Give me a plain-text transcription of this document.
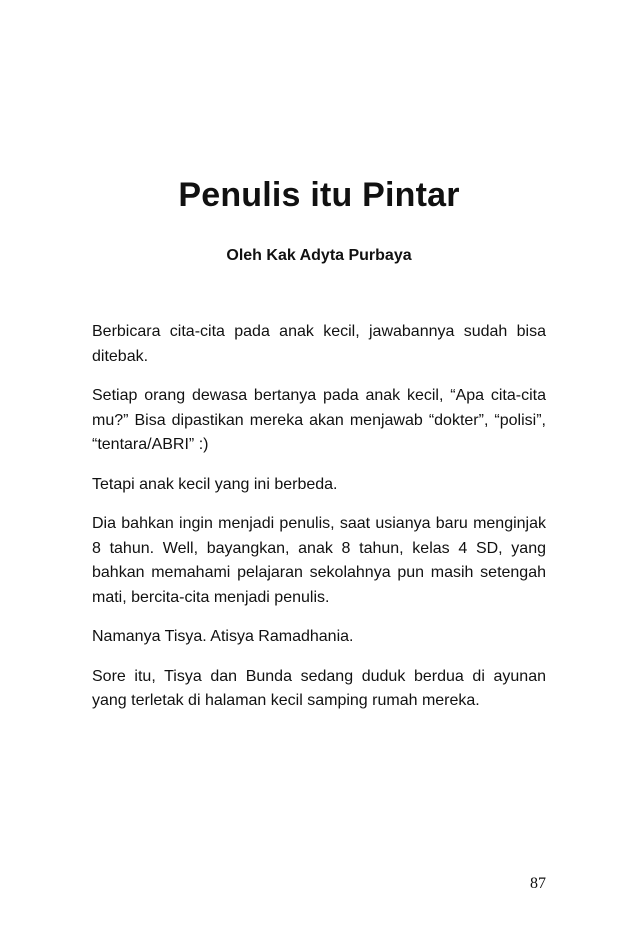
Penulis itu Pintar
Oleh Kak Adyta Purbaya

Berbicara cita-cita pada anak kecil, jawabannya sudah bisa ditebak.

Setiap orang dewasa bertanya pada anak kecil, “Apa cita-cita mu?” Bisa dipastikan mereka akan menjawab “dokter”, “polisi”, “tentara/ABRI” :)

Tetapi anak kecil yang ini berbeda.

Dia bahkan ingin menjadi penulis, saat usianya baru menginjak 8 tahun. Well, bayangkan, anak 8 tahun, kelas 4 SD, yang bahkan memahami pelajaran sekolahnya pun masih setengah mati, bercita-cita menjadi penulis.

Namanya Tisya. Atisya Ramadhania.

Sore itu, Tisya dan Bunda sedang duduk berdua di ayunan yang terletak di halaman kecil samping rumah mereka.

87
